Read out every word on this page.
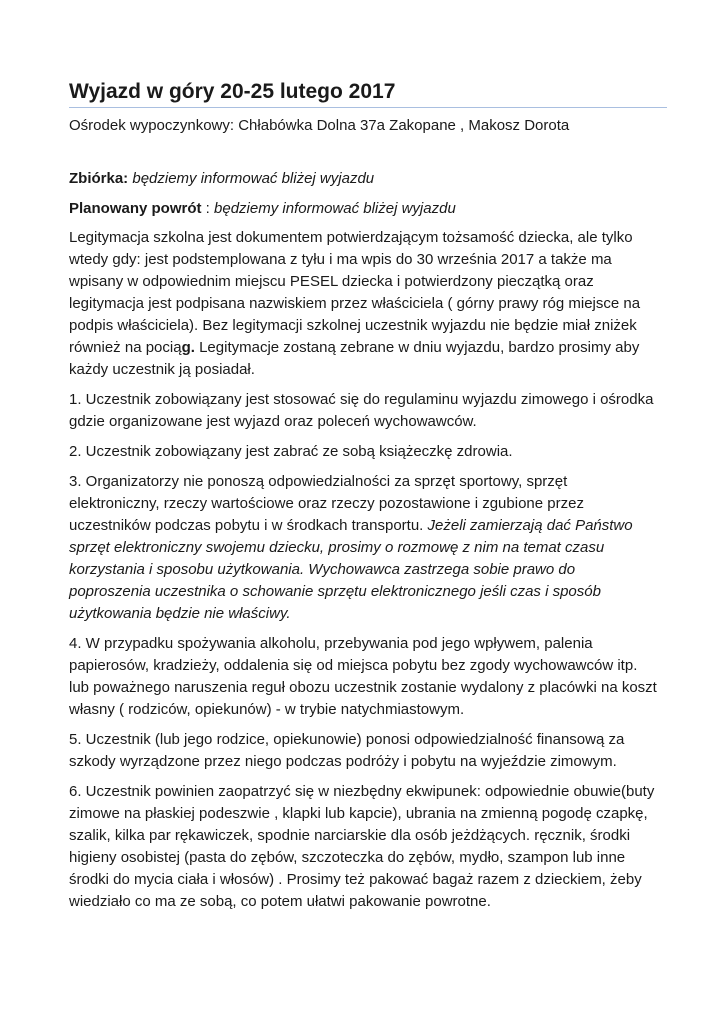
Wyjazd w góry 20-25 lutego 2017

Ośrodek wypoczynkowy: Chłabówka Dolna 37a Zakopane , Makosz Dorota

Zbiórka: będziemy informować bliżej wyjazdu

Planowany powrót : będziemy informować bliżej wyjazdu

Legitymacja szkolna jest dokumentem potwierdzającym tożsamość dziecka, ale tylko wtedy gdy: jest podstemplowana z tyłu i ma wpis do 30 września 2017 a także ma wpisany w odpowiednim miejscu PESEL dziecka i potwierdzony pieczątką oraz legitymacja jest podpisana nazwiskiem przez właściciela ( górny prawy róg miejsce na podpis właściciela). Bez legitymacji szkolnej uczestnik wyjazdu nie będzie miał zniżek również na pociąg. Legitymacje zostaną zebrane w dniu wyjazdu, bardzo prosimy aby każdy uczestnik ją posiadał.

1. Uczestnik zobowiązany jest stosować się do regulaminu wyjazdu zimowego i ośrodka gdzie organizowane jest wyjazd oraz poleceń wychowawców.

2. Uczestnik zobowiązany jest zabrać ze sobą książeczkę zdrowia.

3. Organizatorzy nie ponoszą odpowiedzialności za sprzęt sportowy, sprzęt elektroniczny, rzeczy wartościowe oraz rzeczy pozostawione i zgubione przez uczestników podczas pobytu i w środkach transportu. Jeżeli zamierzają dać Państwo sprzęt elektroniczny swojemu dziecku, prosimy o rozmowę z nim na temat czasu korzystania i sposobu użytkowania. Wychowawca zastrzega sobie prawo do poproszenia uczestnika o schowanie sprzętu elektronicznego jeśli czas i sposób użytkowania będzie nie właściwy.

4. W przypadku spożywania alkoholu, przebywania pod jego wpływem, palenia papierosów, kradzieży, oddalenia się od miejsca pobytu bez zgody wychowawców itp. lub poważnego naruszenia reguł obozu uczestnik zostanie wydalony z placówki na koszt własny ( rodziców, opiekunów) - w trybie natychmiastowym.

5. Uczestnik (lub jego rodzice, opiekunowie) ponosi odpowiedzialność finansową za szkody wyrządzone przez niego podczas podróży i pobytu na wyjeździe zimowym.

6. Uczestnik powinien zaopatrzyć się w niezbędny ekwipunek: odpowiednie obuwie(buty zimowe na płaskiej podeszwie , klapki lub kapcie), ubrania na zmienną pogodę czapkę, szalik, kilka par rękawiczek, spodnie narciarskie dla osób jeżdżących. ręcznik, środki higieny osobistej (pasta do zębów, szczoteczka do zębów, mydło, szampon lub inne środki do mycia ciała i włosów) . Prosimy też pakować bagaż razem z dzieckiem, żeby wiedziało co ma ze sobą, co potem ułatwi pakowanie powrotne.
